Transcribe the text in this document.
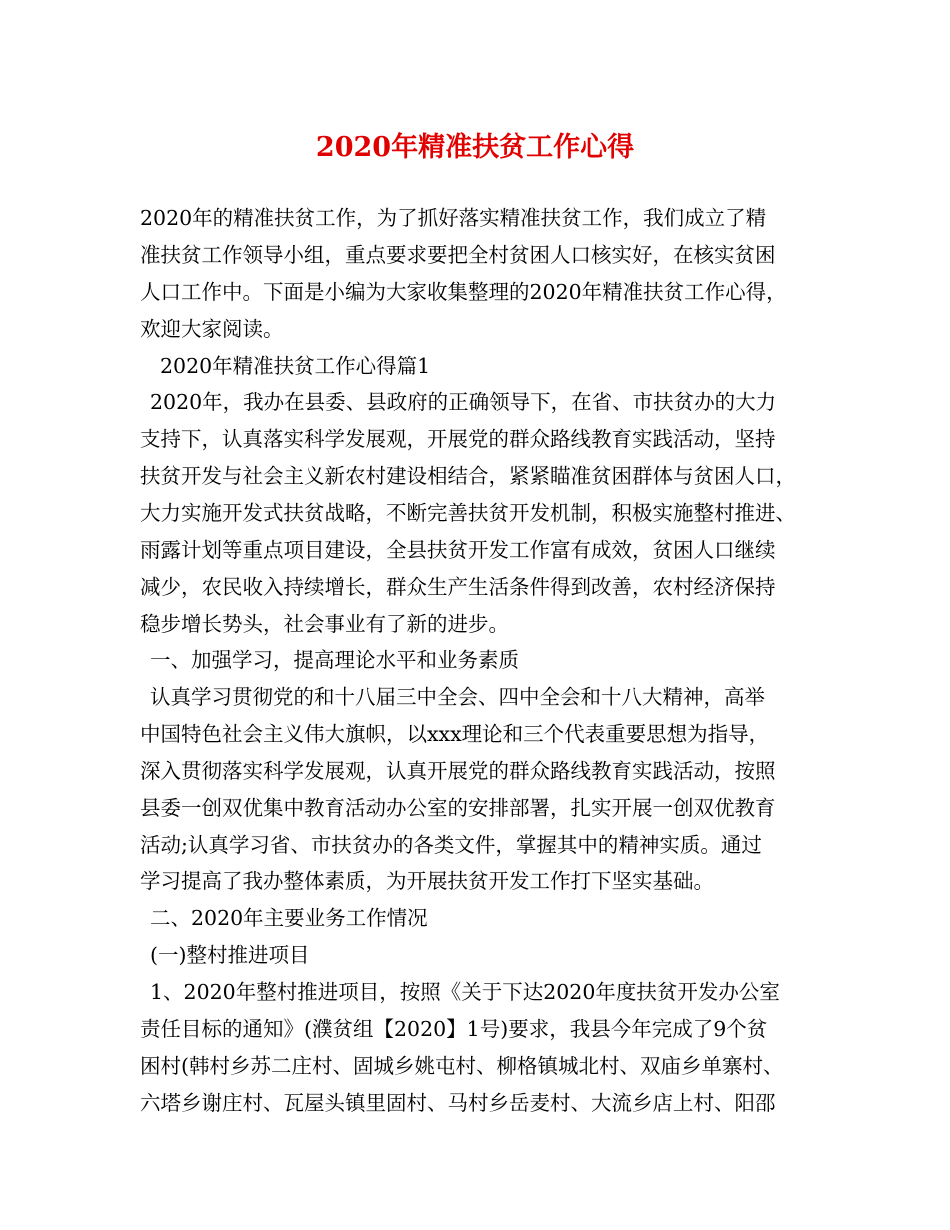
2020年精准扶贫工作心得
2020年的精准扶贫工作，为了抓好落实精准扶贫工作，我们成立了精
准扶贫工作领导小组，重点要求要把全村贫困人口核实好，在核实贫困
人口工作中。下面是小编为大家收集整理的2020年精准扶贫工作心得，
欢迎大家阅读。
2020年精准扶贫工作心得篇1
2020年，我办在县委、县政府的正确领导下，在省、市扶贫办的大力
支持下，认真落实科学发展观，开展党的群众路线教育实践活动，坚持
扶贫开发与社会主义新农村建设相结合，紧紧瞄准贫困群体与贫困人口，
大力实施开发式扶贫战略，不断完善扶贫开发机制，积极实施整村推进、
雨露计划等重点项目建设，全县扶贫开发工作富有成效，贫困人口继续
减少，农民收入持续增长，群众生产生活条件得到改善，农村经济保持
稳步增长势头，社会事业有了新的进步。
一、加强学习，提高理论水平和业务素质
认真学习贯彻党的和十八届三中全会、四中全会和十八大精神，高举
中国特色社会主义伟大旗帜，以xxx理论和三个代表重要思想为指导，
深入贯彻落实科学发展观，认真开展党的群众路线教育实践活动，按照
县委一创双优集中教育活动办公室的安排部署，扎实开展一创双优教育
活动;认真学习省、市扶贫办的各类文件，掌握其中的精神实质。通过
学习提高了我办整体素质，为开展扶贫开发工作打下坚实基础。
二、2020年主要业务工作情况
(一)整村推进项目
1、2020年整村推进项目，按照《关于下达2020年度扶贫开发办公室
责任目标的通知》(濮贫组【2020】1号)要求，我县今年完成了9个贫
困村(韩村乡苏二庄村、固城乡姚屯村、柳格镇城北村、双庙乡单寨村、
六塔乡谢庄村、瓦屋头镇里固村、马村乡岳麦村、大流乡店上村、阳邵
